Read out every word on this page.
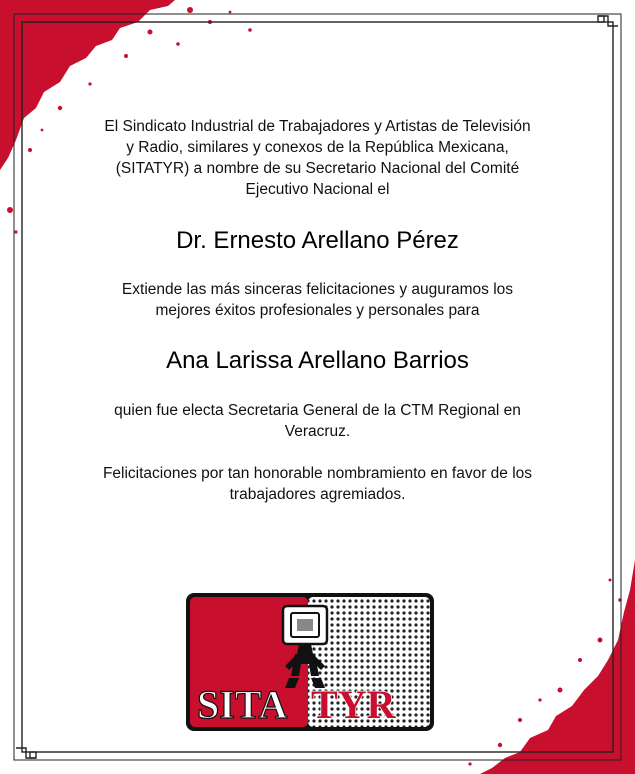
El Sindicato Industrial de Trabajadores y Artistas de Televisión
y Radio, similares y conexos de la República Mexicana,
(SITATYR) a nombre de su Secretario Nacional del Comité
Ejecutivo Nacional el
Dr. Ernesto Arellano Pérez
Extiende las más sinceras felicitaciones y auguramos los
mejores éxitos profesionales y personales para
Ana Larissa Arellano Barrios
quien fue electa Secretaria General de la CTM Regional en
Veracruz.
Felicitaciones por tan honorable nombramiento en favor de los
trabajadores agremiados.
SITA TYR
